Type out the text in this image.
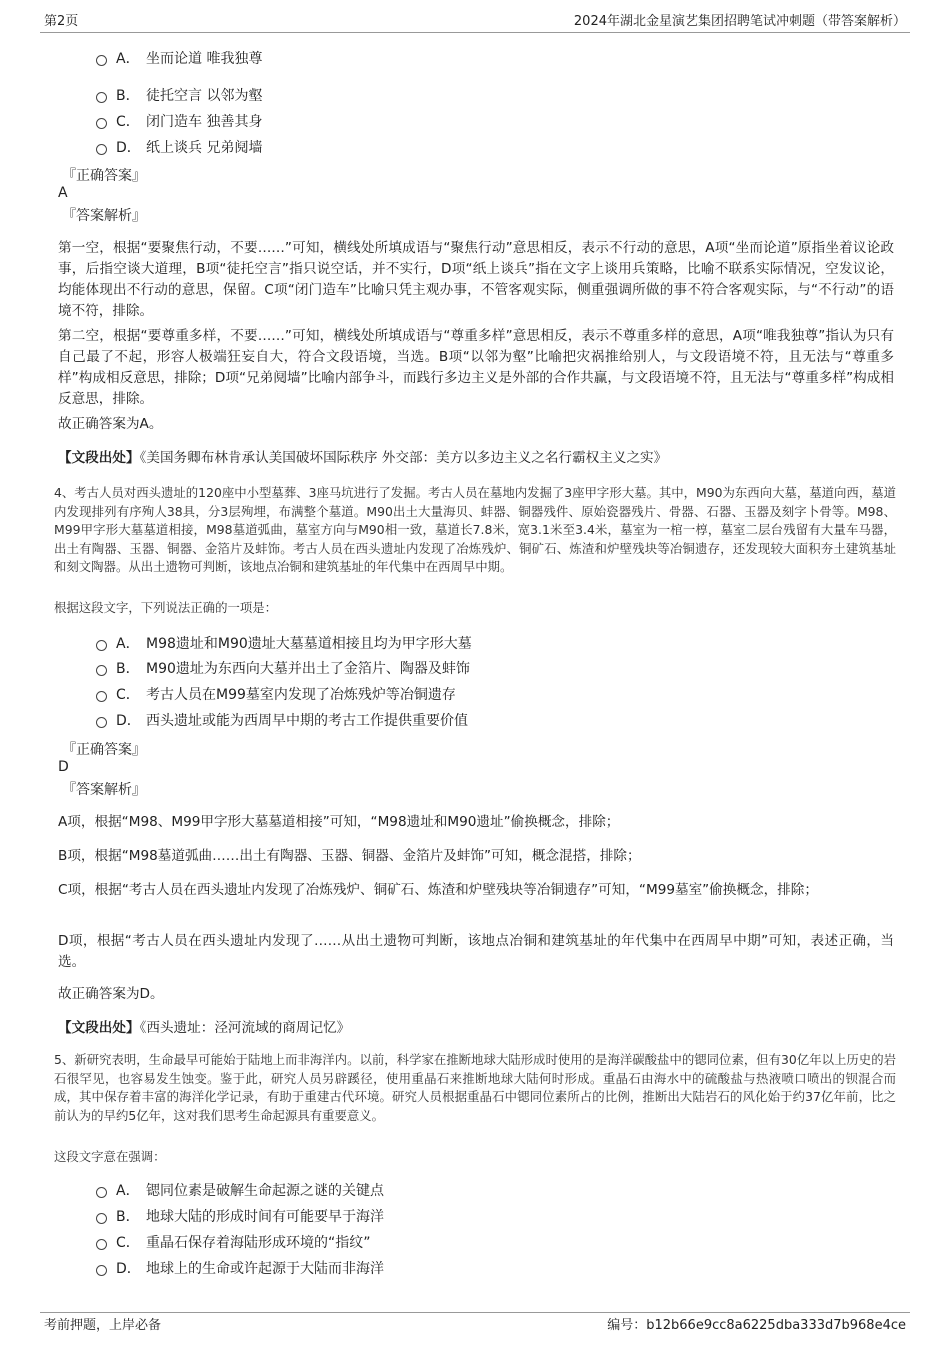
第2页	2024年湖北金星演艺集团招聘笔试冲刺题（带答案解析）
A． 坐而论道 唯我独尊
B． 徒托空言 以邻为壑
C． 闭门造车 独善其身
D． 纸上谈兵 兄弟阋墙
『正确答案』
A
『答案解析』

第一空，根据“要聚焦行动，不要……”可知，横线处所填成语与“聚焦行动”意思相反，表示不行动的意思，A项“坐而论道”原指坐着议论政事，后指空谈大道理，B项“徒托空言”指只说空话，并不实行，D项“纸上谈兵”指在文字上谈用兵策略，比喻不联系实际情况，空发议论，均能体现出不行动的意思，保留。C项“闭门造车”比喻只凭主观办事，不管客观实际，侧重强调所做的事不符合客观实际，与“不行动”的语境不符，排除。

第二空，根据“要尊重多样，不要……”可知，横线处所填成语与“尊重多样”意思相反，表示不尊重多样的意思，A项“唯我独尊”指认为只有自己最了不起，形容人极端狂妄自大，符合文段语境，当选。B项“以邻为壑”比喻把灾祸推给别人，与文段语境不符，且无法与“尊重多样”构成相反意思，排除；D项“兄弟阋墙”比喻内部争斗，而践行多边主义是外部的合作共赢，与文段语境不符，且无法与“尊重多样”构成相反意思，排除。

故正确答案为A。

【文段出处】《美国务卿布林肯承认美国破坏国际秩序 外交部：美方以多边主义之名行霸权主义之实》

4、考古人员对西头遗址的120座中小型墓葬、3座马坑进行了发掘。考古人员在墓地内发掘了3座甲字形大墓。其中，M90为东西向大墓，墓道向西，墓道内发现排列有序殉人38具，分3层殉埋，布满整个墓道。M90出土大量海贝、蚌器、铜器残件、原始瓷器残片、骨器、石器、玉器及刻字卜骨等。M98、M99甲字形大墓墓道相接，M98墓道弧曲，墓室方向与M90相一致，墓道长7.8米，宽3.1米至3.4米，墓室为一棺一椁，墓室二层台残留有大量车马器，出土有陶器、玉器、铜器、金箔片及蚌饰。考古人员在西头遗址内发现了冶炼残炉、铜矿石、炼渣和炉壁残块等冶铜遗存，还发现较大面积夯土建筑基址和刻文陶器。从出土遗物可判断，该地点冶铜和建筑基址的年代集中在西周早中期。

根据这段文字，下列说法正确的一项是：
A． M98遗址和M90遗址大墓墓道相接且均为甲字形大墓
B． M90遗址为东西向大墓并出土了金箔片、陶器及蚌饰
C． 考古人员在M99墓室内发现了冶炼残炉等冶铜遗存
D． 西头遗址或能为西周早中期的考古工作提供重要价值
『正确答案』
D
『答案解析』

A项，根据“M98、M99甲字形大墓墓道相接”可知，“M98遗址和M90遗址”偷换概念，排除；

B项，根据“M98墓道弧曲……出土有陶器、玉器、铜器、金箔片及蚌饰”可知，概念混搭，排除；

C项，根据“考古人员在西头遗址内发现了冶炼残炉、铜矿石、炼渣和炉壁残块等冶铜遗存”可知，“M99墓室”偷换概念，排除；

D项，根据“考古人员在西头遗址内发现了……从出土遗物可判断，该地点冶铜和建筑基址的年代集中在西周早中期”可知，表述正确，当选。

故正确答案为D。

【文段出处】《西头遗址：泾河流域的商周记忆》

5、新研究表明，生命最早可能始于陆地上而非海洋内。以前，科学家在推断地球大陆形成时使用的是海洋碳酸盐中的锶同位素，但有30亿年以上历史的岩石很罕见，也容易发生蚀变。鉴于此，研究人员另辟蹊径，使用重晶石来推断地球大陆何时形成。重晶石由海水中的硫酸盐与热液喷口喷出的钡混合而成，其中保存着丰富的海洋化学记录，有助于重建古代环境。研究人员根据重晶石中锶同位素所占的比例，推断出大陆岩石的风化始于约37亿年前，比之前认为的早约5亿年，这对我们思考生命起源具有重要意义。

这段文字意在强调：
A． 锶同位素是破解生命起源之谜的关键点
B． 地球大陆的形成时间有可能要早于海洋
C． 重晶石保存着海陆形成环境的“指纹”
D． 地球上的生命或许起源于大陆而非海洋
考前押题，上岸必备	编号：b12b66e9cc8a6225dba333d7b968e4ce
